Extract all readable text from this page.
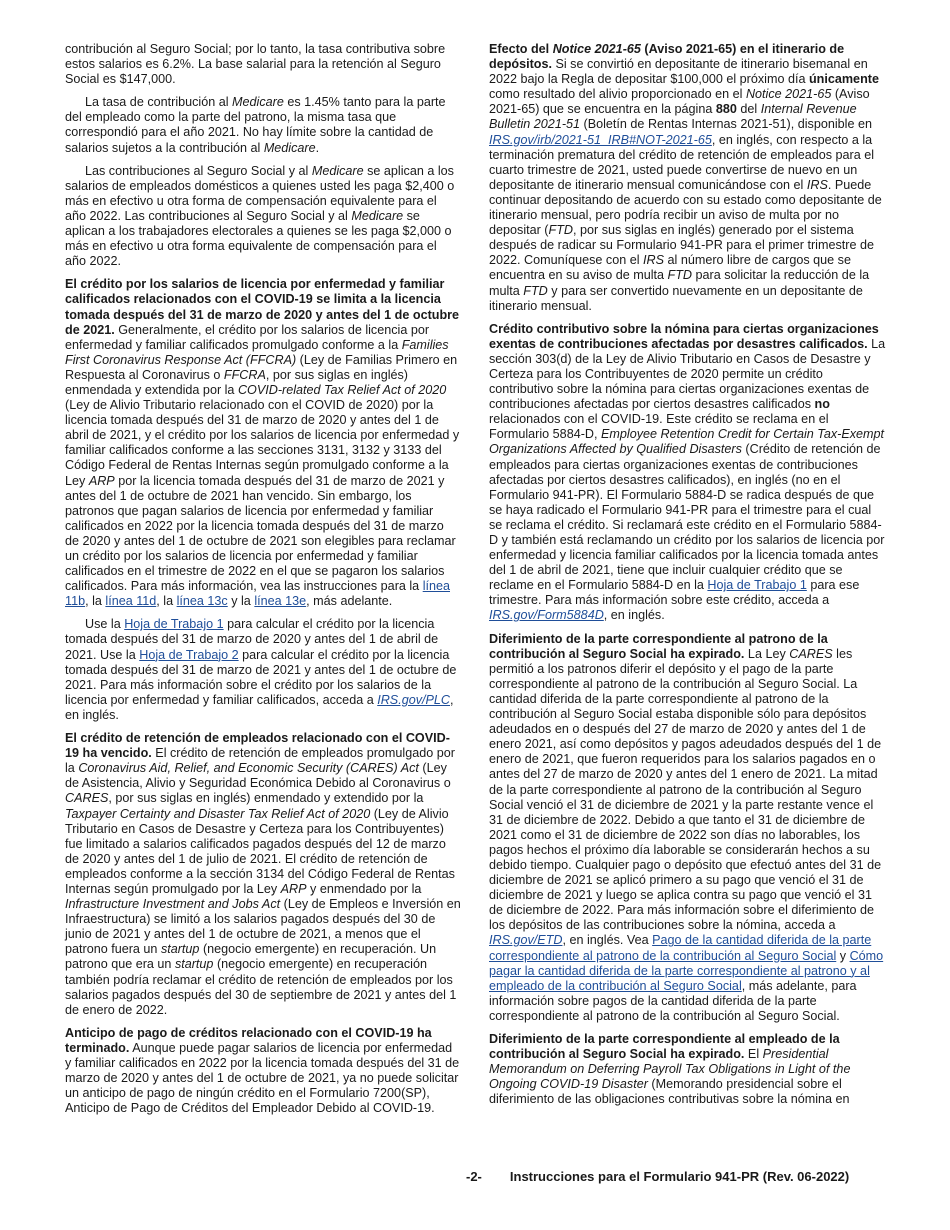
contribución al Seguro Social; por lo tanto, la tasa contributiva sobre estos salarios es 6.2%. La base salarial para la retención al Seguro Social es $147,000.

La tasa de contribución al Medicare es 1.45% tanto para la parte del empleado como la parte del patrono, la misma tasa que correspondió para el año 2021. No hay límite sobre la cantidad de salarios sujetos a la contribución al Medicare.

Las contribuciones al Seguro Social y al Medicare se aplican a los salarios de empleados domésticos a quienes usted les paga $2,400 o más en efectivo u otra forma de compensación equivalente para el año 2022. Las contribuciones al Seguro Social y al Medicare se aplican a los trabajadores electorales a quienes se les paga $2,000 o más en efectivo u otra forma equivalente de compensación para el año 2022.

El crédito por los salarios de licencia por enfermedad y familiar calificados relacionados con el COVID-19 se limita a la licencia tomada después del 31 de marzo de 2020 y antes del 1 de octubre de 2021. Generalmente, el crédito por los salarios de licencia por enfermedad y familiar calificados promulgado conforme a la Families First Coronavirus Response Act (FFCRA) (Ley de Familias Primero en Respuesta al Coronavirus o FFCRA, por sus siglas en inglés) enmendada y extendida por la COVID-related Tax Relief Act of 2020 (Ley de Alivio Tributario relacionado con el COVID de 2020) por la licencia tomada después del 31 de marzo de 2020 y antes del 1 de abril de 2021, y el crédito por los salarios de licencia por enfermedad y familiar calificados conforme a las secciones 3131, 3132 y 3133 del Código Federal de Rentas Internas según promulgado conforme a la Ley ARP por la licencia tomada después del 31 de marzo de 2021 y antes del 1 de octubre de 2021 han vencido. Sin embargo, los patronos que pagan salarios de licencia por enfermedad y familiar calificados en 2022 por la licencia tomada después del 31 de marzo de 2020 y antes del 1 de octubre de 2021 son elegibles para reclamar un crédito por los salarios de licencia por enfermedad y familiar calificados en el trimestre de 2022 en el que se pagaron los salarios calificados. Para más información, vea las instrucciones para la línea 11b, la línea 11d, la línea 13c y la línea 13e, más adelante.

Use la Hoja de Trabajo 1 para calcular el crédito por la licencia tomada después del 31 de marzo de 2020 y antes del 1 de abril de 2021. Use la Hoja de Trabajo 2 para calcular el crédito por la licencia tomada después del 31 de marzo de 2021 y antes del 1 de octubre de 2021. Para más información sobre el crédito por los salarios de la licencia por enfermedad y familiar calificados, acceda a IRS.gov/PLC, en inglés.

El crédito de retención de empleados relacionado con el COVID-19 ha vencido. El crédito de retención de empleados promulgado por la Coronavirus Aid, Relief, and Economic Security (CARES) Act (Ley de Asistencia, Alivio y Seguridad Económica Debido al Coronavirus o CARES, por sus siglas en inglés) enmendado y extendido por la Taxpayer Certainty and Disaster Tax Relief Act of 2020 (Ley de Alivio Tributario en Casos de Desastre y Certeza para los Contribuyentes) fue limitado a salarios calificados pagados después del 12 de marzo de 2020 y antes del 1 de julio de 2021. El crédito de retención de empleados conforme a la sección 3134 del Código Federal de Rentas Internas según promulgado por la Ley ARP y enmendado por la Infrastructure Investment and Jobs Act (Ley de Empleos e Inversión en Infraestructura) se limitó a los salarios pagados después del 30 de junio de 2021 y antes del 1 de octubre de 2021, a menos que el patrono fuera un startup (negocio emergente) en recuperación. Un patrono que era un startup (negocio emergente) en recuperación también podría reclamar el crédito de retención de empleados por los salarios pagados después del 30 de septiembre de 2021 y antes del 1 de enero de 2022.

Anticipo de pago de créditos relacionado con el COVID-19 ha terminado. Aunque puede pagar salarios de licencia por enfermedad y familiar calificados en 2022 por la licencia tomada después del 31 de marzo de 2020 y antes del 1 de octubre de 2021, ya no puede solicitar un anticipo de pago de ningún crédito en el Formulario 7200(SP), Anticipo de Pago de Créditos del Empleador Debido al COVID-19.

Efecto del Notice 2021-65 (Aviso 2021-65) en el itinerario de depósitos. Si se convirtió en depositante de itinerario bisemanal en 2022 bajo la Regla de depositar $100,000 el próximo día únicamente como resultado del alivio proporcionado en el Notice 2021-65 (Aviso 2021-65) que se encuentra en la página 880 del Internal Revenue Bulletin 2021-51 (Boletín de Rentas Internas 2021-51), disponible en IRS.gov/irb/2021-51_IRB#NOT-2021-65, en inglés, con respecto a la terminación prematura del crédito de retención de empleados para el cuarto trimestre de 2021, usted puede convertirse de nuevo en un depositante de itinerario mensual comunicándose con el IRS. Puede continuar depositando de acuerdo con su estado como depositante de itinerario mensual, pero podría recibir un aviso de multa por no depositar (FTD, por sus siglas en inglés) generado por el sistema después de radicar su Formulario 941-PR para el primer trimestre de 2022. Comuníquese con el IRS al número libre de cargos que se encuentra en su aviso de multa FTD para solicitar la reducción de la multa FTD y para ser convertido nuevamente en un depositante de itinerario mensual.

Crédito contributivo sobre la nómina para ciertas organizaciones exentas de contribuciones afectadas por desastres calificados. La sección 303(d) de la Ley de Alivio Tributario en Casos de Desastre y Certeza para los Contribuyentes de 2020 permite un crédito contributivo sobre la nómina para ciertas organizaciones exentas de contribuciones afectadas por ciertos desastres calificados no relacionados con el COVID-19. Este crédito se reclama en el Formulario 5884-D, Employee Retention Credit for Certain Tax-Exempt Organizations Affected by Qualified Disasters (Crédito de retención de empleados para ciertas organizaciones exentas de contribuciones afectadas por ciertos desastres calificados), en inglés (no en el Formulario 941-PR). El Formulario 5884-D se radica después de que se haya radicado el Formulario 941-PR para el trimestre para el cual se reclama el crédito. Si reclamará este crédito en el Formulario 5884-D y también está reclamando un crédito por los salarios de licencia por enfermedad y licencia familiar calificados por la licencia tomada antes del 1 de abril de 2021, tiene que incluir cualquier crédito que se reclame en el Formulario 5884-D en la Hoja de Trabajo 1 para ese trimestre. Para más información sobre este crédito, acceda a IRS.gov/Form5884D, en inglés.

Diferimiento de la parte correspondiente al patrono de la contribución al Seguro Social ha expirado. La Ley CARES les permitió a los patronos diferir el depósito y el pago de la parte correspondiente al patrono de la contribución al Seguro Social. La cantidad diferida de la parte correspondiente al patrono de la contribución al Seguro Social estaba disponible sólo para depósitos adeudados en o después del 27 de marzo de 2020 y antes del 1 de enero 2021, así como depósitos y pagos adeudados después del 1 de enero de 2021, que fueron requeridos para los salarios pagados en o antes del 27 de marzo de 2020 y antes del 1 enero de 2021. La mitad de la parte correspondiente al patrono de la contribución al Seguro Social venció el 31 de diciembre de 2021 y la parte restante vence el 31 de diciembre de 2022. Debido a que tanto el 31 de diciembre de 2021 como el 31 de diciembre de 2022 son días no laborables, los pagos hechos el próximo día laborable se considerarán hechos a su debido tiempo. Cualquier pago o depósito que efectuó antes del 31 de diciembre de 2021 se aplicó primero a su pago que venció el 31 de diciembre de 2021 y luego se aplica contra su pago que venció el 31 de diciembre de 2022. Para más información sobre el diferimiento de los depósitos de las contribuciones sobre la nómina, acceda a IRS.gov/ETD, en inglés. Vea Pago de la cantidad diferida de la parte correspondiente al patrono de la contribución al Seguro Social y Cómo pagar la cantidad diferida de la parte correspondiente al patrono y al empleado de la contribución al Seguro Social, más adelante, para información sobre pagos de la cantidad diferida de la parte correspondiente al patrono de la contribución al Seguro Social.

Diferimiento de la parte correspondiente al empleado de la contribución al Seguro Social ha expirado. El Presidential Memorandum on Deferring Payroll Tax Obligations in Light of the Ongoing COVID-19 Disaster (Memorando presidencial sobre el diferimiento de las obligaciones contributivas sobre la nómina en

-2- Instrucciones para el Formulario 941-PR (Rev. 06-2022)
